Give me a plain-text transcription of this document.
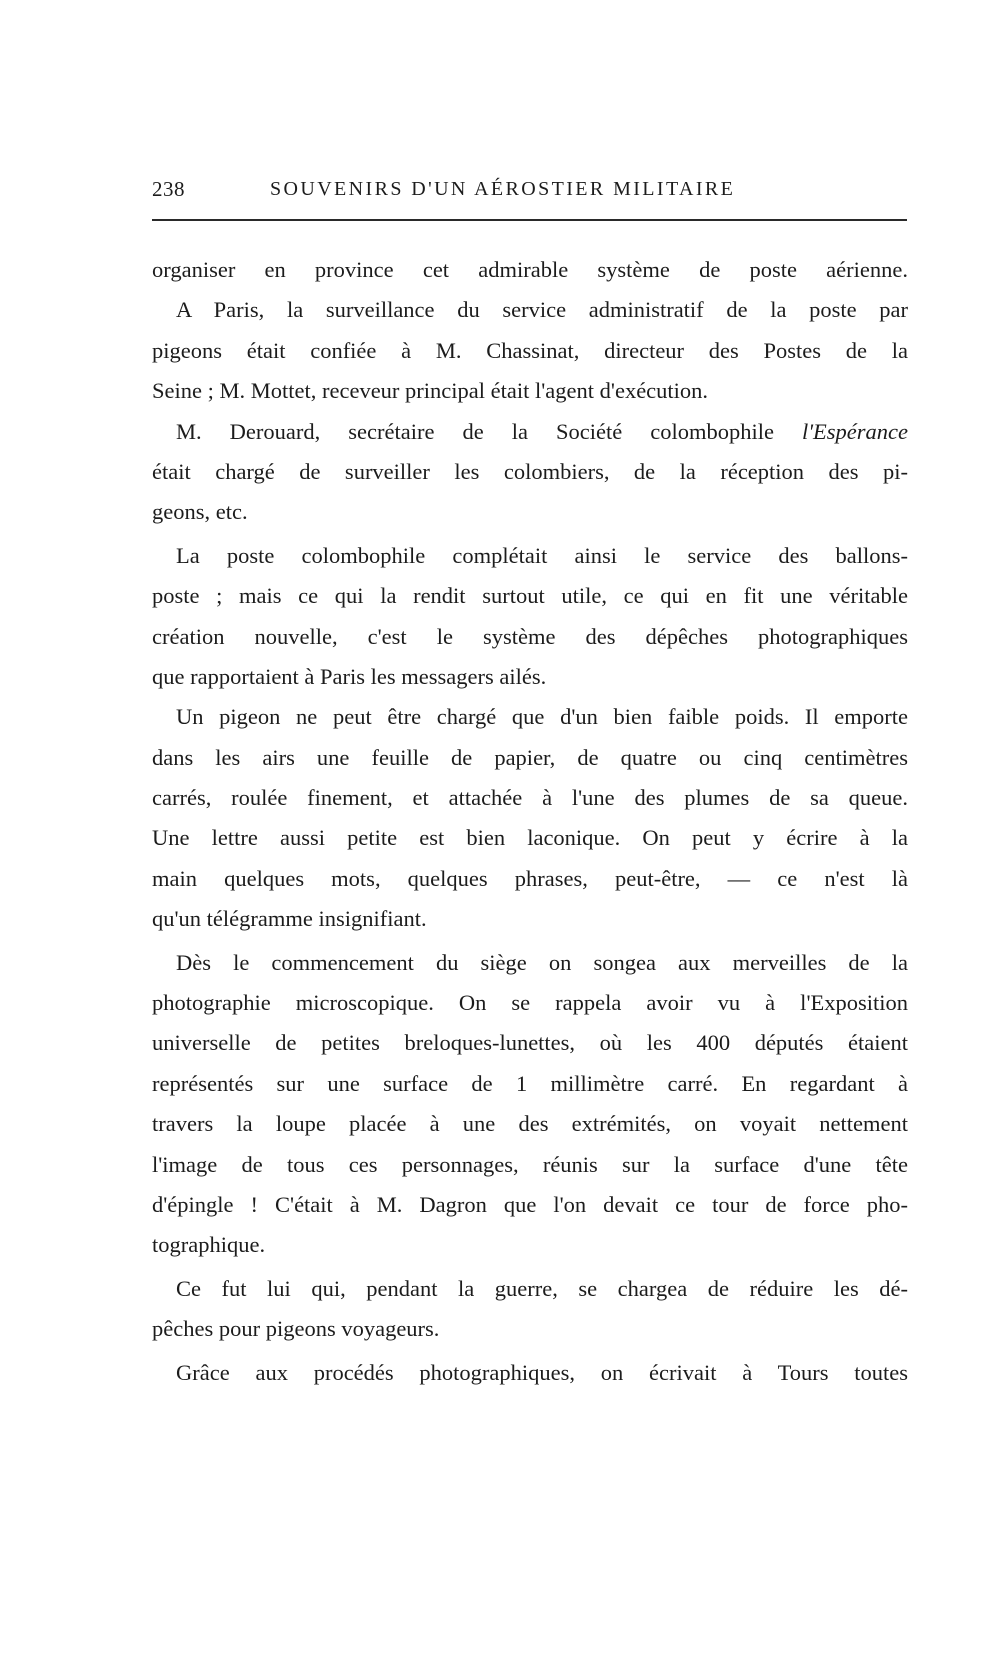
238	SOUVENIRS D'UN AÉROSTIER MILITAIRE
organiser en province cet admirable système de poste aérienne.
A Paris, la surveillance du service administratif de la poste par
pigeons était confiée à M. Chassinat, directeur des Postes de la
Seine ; M. Mottet, receveur principal était l'agent d'exécution.
M. Derouard, secrétaire de la Société colombophile l'Espérance
était chargé de surveiller les colombiers, de la réception des pi-
geons, etc.
La poste colombophile complétait ainsi le service des ballons-
poste ; mais ce qui la rendit surtout utile, ce qui en fit une véritable
création nouvelle, c'est le système des dépêches photographiques
que rapportaient à Paris les messagers ailés.
Un pigeon ne peut être chargé que d'un bien faible poids. Il emporte
dans les airs une feuille de papier, de quatre ou cinq centimètres
carrés, roulée finement, et attachée à l'une des plumes de sa queue.
Une lettre aussi petite est bien laconique. On peut y écrire à la
main quelques mots, quelques phrases, peut-être, — ce n'est là
qu'un télégramme insignifiant.
Dès le commencement du siège on songea aux merveilles de la
photographie microscopique. On se rappela avoir vu à l'Exposition
universelle de petites breloques-lunettes, où les 400 députés étaient
représentés sur une surface de 1 millimètre carré. En regardant à
travers la loupe placée à une des extrémités, on voyait nettement
l'image de tous ces personnages, réunis sur la surface d'une tête
d'épingle ! C'était à M. Dagron que l'on devait ce tour de force pho-
tographique.
Ce fut lui qui, pendant la guerre, se chargea de réduire les dé-
pêches pour pigeons voyageurs.
Grâce aux procédés photographiques, on écrivait à Tours toutes
